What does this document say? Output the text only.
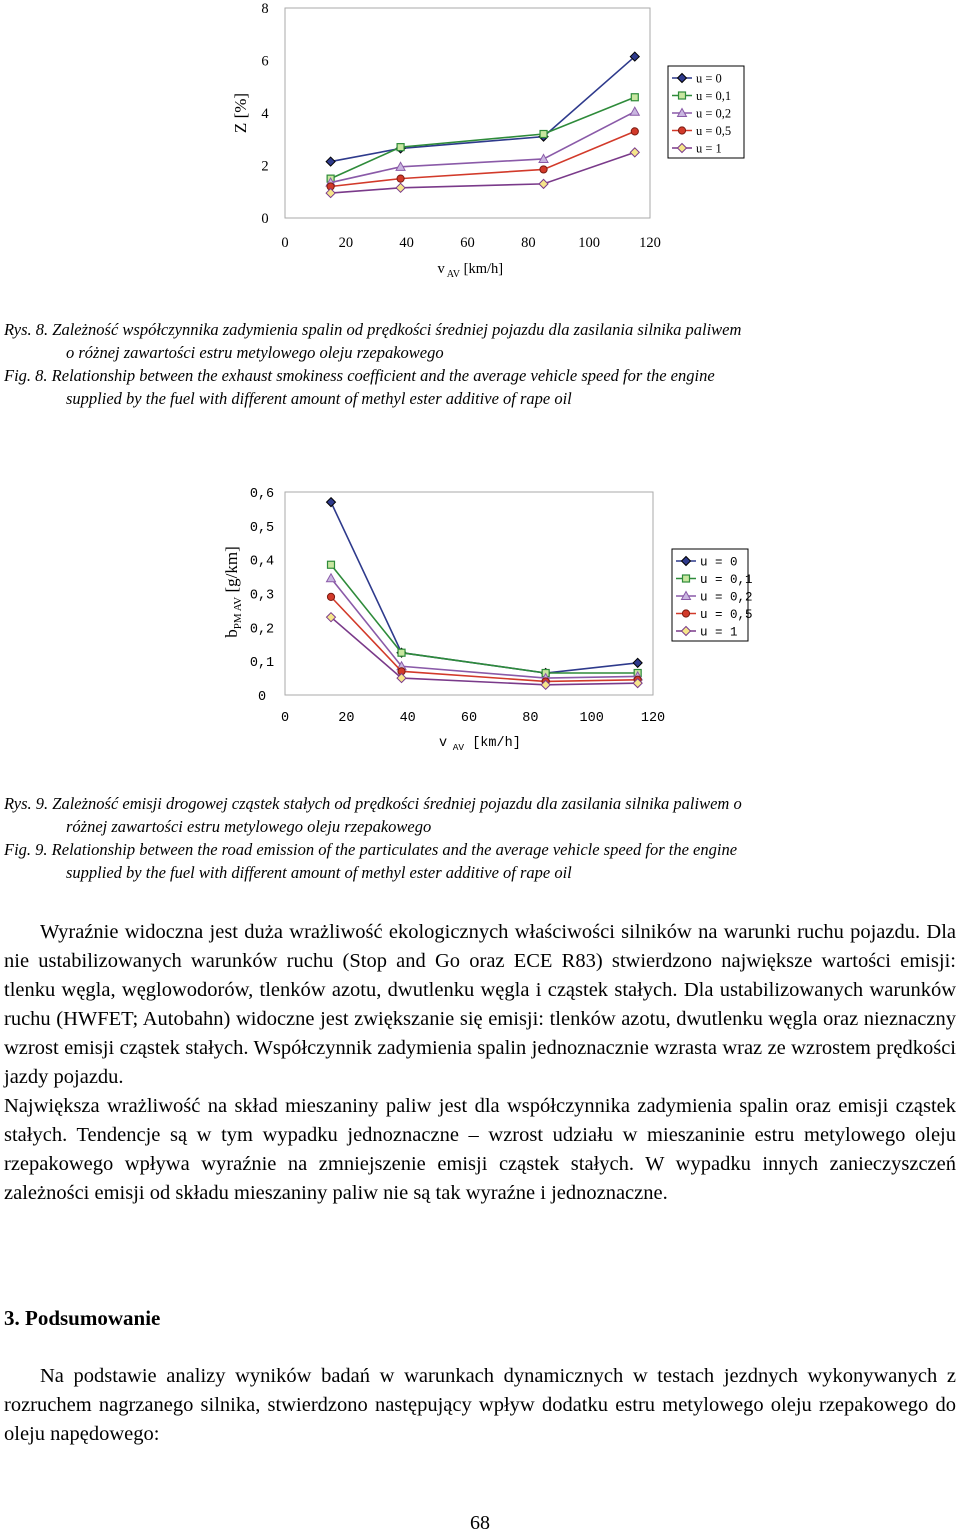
0
2
4
6
8
0	20	40	60	80	100	120
v $_{AV}$ [km/h]
Z [%]
u = 0
u = 0,1
u = 0,2
u = 0,5
u = 1
Rys. 8. Zależność współczynnika zadymienia spalin od prędkości średniej pojazdu dla zasilania silnika paliwem
o różnej zawartości estru metylowego oleju rzepakowego
Fig. 8. Relationship between the exhaust smokiness coefficient and the average vehicle speed for the engine
supplied by the fuel with different amount of methyl ester additive of rape oil
0
0,1
0,2
0,3
0,4
0,5
0,6
0	20	40	60	80	100	120
v $_{AV}$ [km/h]
$b_{PM AV}$ [g/km]	u = 0
u = 0,1
u = 0,2
u = 0,5
u = 1
Rys. 9. Zależność emisji drogowej cząstek stałych od prędkości średniej pojazdu dla zasilania silnika paliwem o
różnej zawartości estru metylowego oleju rzepakowego
Fig. 9. Relationship between the road emission of the particulates and the average vehicle speed for the engine
supplied by the fuel with different amount of methyl ester additive of rape oil

Wyraźnie widoczna jest duża wrażliwość ekologicznych właściwości silników na warunki ruchu pojazdu. Dla nie ustabilizowanych warunków ruchu (Stop and Go oraz ECE R83) stwierdzono największe wartości emisji: tlenku węgla, węglowodorów, tlenków azotu, dwutlenku węgla i cząstek stałych. Dla ustabilizowanych warunków ruchu (HWFET; Autobahn) widoczne jest zwiększanie się emisji: tlenków azotu, dwutlenku węgla oraz nieznaczny wzrost emisji cząstek stałych. Współczynnik zadymienia spalin jednoznacznie wzrasta wraz ze wzrostem prędkości jazdy pojazdu.

Największa wrażliwość na skład mieszaniny paliw jest dla współczynnika zadymienia spalin oraz emisji cząstek stałych. Tendencje są w tym wypadku jednoznaczne – wzrost udziału w mieszaninie estru metylowego oleju rzepakowego wpływa wyraźnie na zmniejszenie emisji cząstek stałych. W wypadku innych zanieczyszczeń zależności emisji od składu mieszaniny paliw nie są tak wyraźne i jednoznaczne.

3. Podsumowanie

Na podstawie analizy wyników badań w warunkach dynamicznych w testach jezdnych wykonywanych z rozruchem nagrzanego silnika, stwierdzono następujący wpływ dodatku estru metylowego oleju rzepakowego do oleju napędowego:

68
